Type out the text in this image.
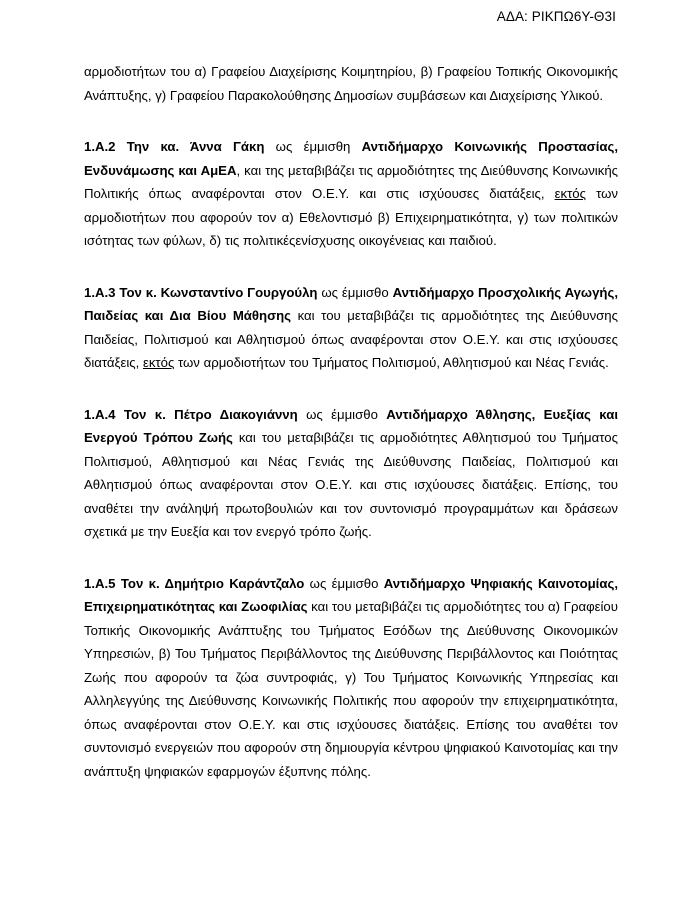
ΑΔΑ: ΡΙΚΠΩ6Υ-Θ3Ι

αρμοδιοτήτων του α) Γραφείου Διαχείρισης Κοιμητηρίου, β) Γραφείου Τοπικής Οικονομικής Ανάπτυξης, γ) Γραφείου Παρακολούθησης Δημοσίων συμβάσεων και Διαχείρισης Υλικού.

1.Α.2 Την κα. Άννα Γάκη ως έμμισθη Αντιδήμαρχο Κοινωνικής Προστασίας, Ενδυνάμωσης και ΑμΕΑ, και της μεταβιβάζει τις αρμοδιότητες της Διεύθυνσης Κοινωνικής Πολιτικής όπως αναφέρονται στον Ο.Ε.Υ. και στις ισχύουσες διατάξεις, εκτός των αρμοδιοτήτων που αφορούν τον α) Εθελοντισμό β) Επιχειρηματικότητα, γ) των πολιτικών ισότητας των φύλων, δ) τις πολιτικέςενίσχυσης οικογένειας και παιδιού.

1.Α.3 Τον κ. Κωνσταντίνο Γουργούλη ως έμμισθο Αντιδήμαρχο Προσχολικής Αγωγής, Παιδείας και Δια Βίου Μάθησης και του μεταβιβάζει τις αρμοδιότητες της Διεύθυνσης Παιδείας, Πολιτισμού και Αθλητισμού όπως αναφέρονται στον Ο.Ε.Υ. και στις ισχύουσες διατάξεις, εκτός των αρμοδιοτήτων του Τμήματος Πολιτισμού, Αθλητισμού και Νέας Γενιάς.

1.Α.4 Τον κ. Πέτρο Διακογιάννη ως έμμισθο Αντιδήμαρχο Άθλησης, Ευεξίας και Ενεργού Τρόπου Ζωής και του μεταβιβάζει τις αρμοδιότητες Αθλητισμού του Τμήματος Πολιτισμού, Αθλητισμού και Νέας Γενιάς της Διεύθυνσης Παιδείας, Πολιτισμού και Αθλητισμού όπως αναφέρονται στον Ο.Ε.Υ. και στις ισχύουσες διατάξεις. Επίσης, του αναθέτει την ανάληψή πρωτοβουλιών και τον συντονισμό προγραμμάτων και δράσεων σχετικά με την Ευεξία και τον ενεργό τρόπο ζωής.

1.Α.5 Τον κ. Δημήτριο Καράντζαλο ως έμμισθο Αντιδήμαρχο Ψηφιακής Καινοτομίας, Επιχειρηματικότητας και Ζωοφιλίας και του μεταβιβάζει τις αρμοδιότητες του α) Γραφείου Τοπικής Οικονομικής Ανάπτυξης του Τμήματος Εσόδων της Διεύθυνσης Οικονομικών Υπηρεσιών, β) Του Τμήματος Περιβάλλοντος της Διεύθυνσης Περιβάλλοντος και Ποιότητας Ζωής που αφορούν τα ζώα συντροφιάς, γ) Του Τμήματος Κοινωνικής Υπηρεσίας και Αλληλεγγύης της Διεύθυνσης Κοινωνικής Πολιτικής που αφορούν την επιχειρηματικότητα, όπως αναφέρονται στον Ο.Ε.Υ. και στις ισχύουσες διατάξεις. Επίσης του αναθέτει τον συντονισμό ενεργειών που αφορούν στη δημιουργία κέντρου ψηφιακού Καινοτομίας και την ανάπτυξη ψηφιακών εφαρμογών έξυπνης πόλης.
